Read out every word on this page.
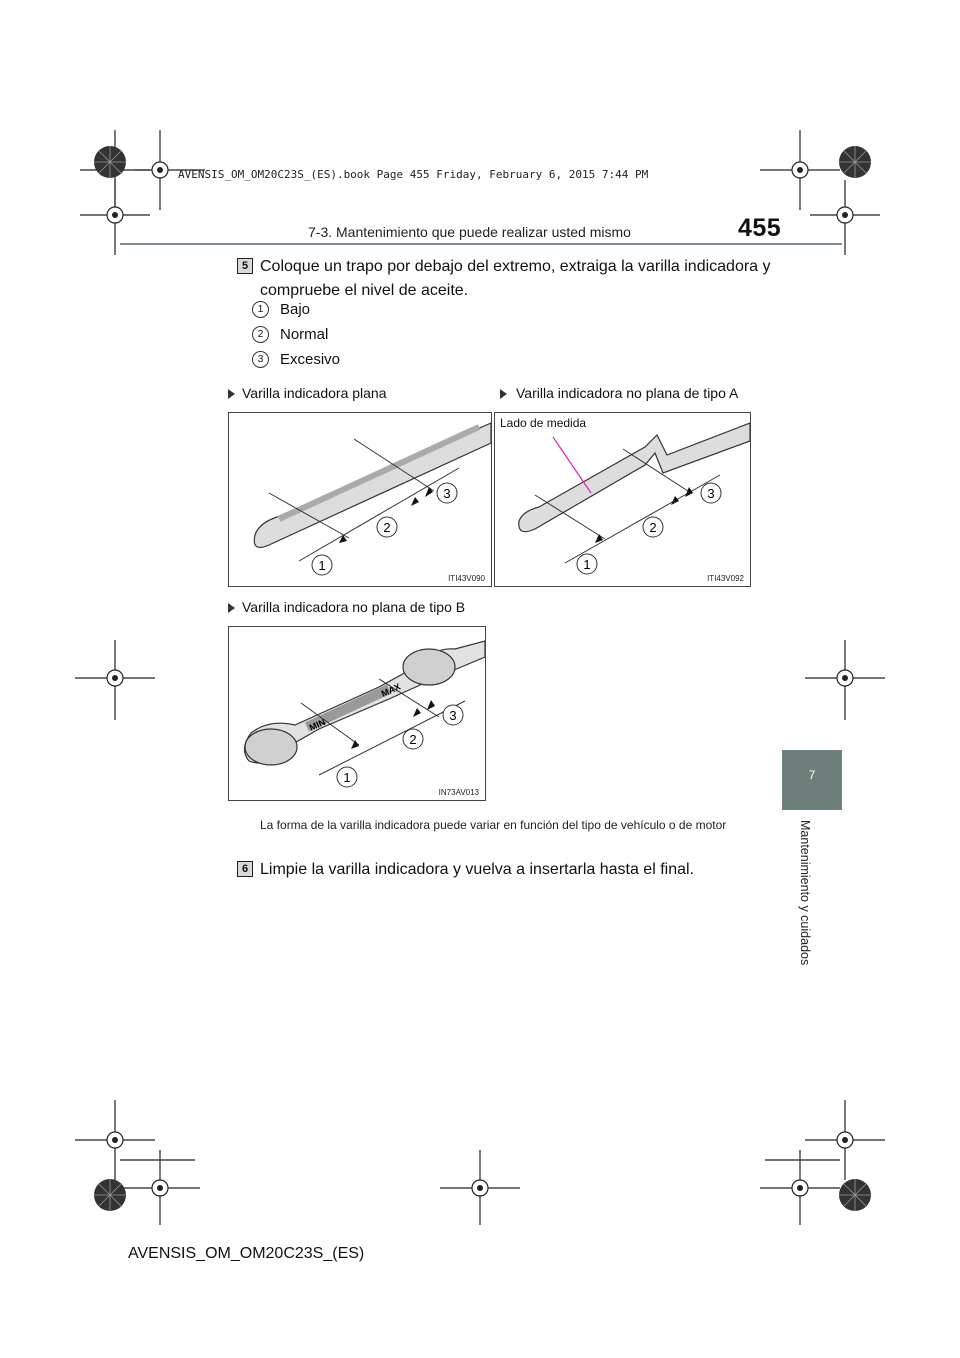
AVENSIS_OM_OM20C23S_(ES).book Page 455 Friday, February 6, 2015 7:44 PM
7-3. Mantenimiento que puede realizar usted mismo	455
7
Mantenimiento y cuidados
5 Coloque un trapo por debajo del extremo, extraiga la varilla indicadora y
compruebe el nivel de aceite.
1	Bajo
2	Normal
3	Excesivo
Varilla indicadora plana	Varilla indicadora no plana de tipo A
1
2
3
ITI43V090
1
2
3
Lado de medida
ITI43V092
Varilla indicadora no plana de tipo B
MIN
MAX
1
2
3
IN73AV013
La forma de la varilla indicadora puede variar en función del tipo de vehículo o de motor
6 Limpie la varilla indicadora y vuelva a insertarla hasta el final.
AVENSIS_OM_OM20C23S_(ES)
